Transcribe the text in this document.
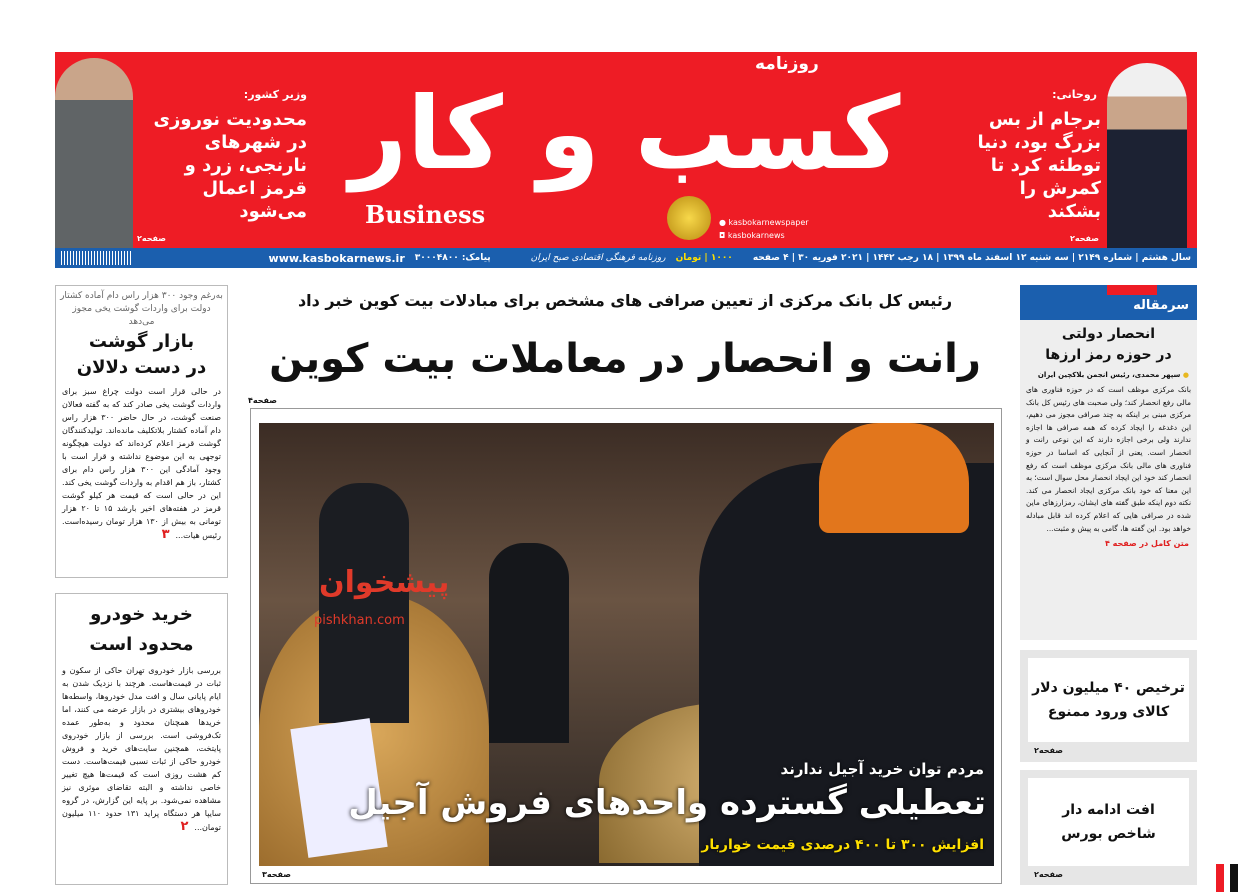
روحانی:
برجام از بس بزرگ بود، دنیا توطئه کرد تا کمرش را بشکند
صفحه۲
وزیر کشور:
محدودیت نوروزی در شهرهای نارنجی، زرد و قرمز اعمال می‌شود
صفحه۲
روزنامه
کسب و کار
Business	● kasbokarnewspaper
◘ kasbokarnews
سال هشتم | شماره ۲۱۴۹ | سه شنبه ۱۲ اسفند ماه ۱۳۹۹ | ۱۸ رجب ۱۴۴۲ | ۲۰۲۱ فوریه ۳۰ | ۴ صفحه
۱۰۰۰ | تومان
روزنامه فرهنگی اقتصادی صبح ایران
پیامک: ۳۰۰۰۴۸۰۰
www.kasbokarnews.ir
رئیس کل بانک مرکزی از تعیین صرافی های مشخص برای مبادلات بیت کوین خبر داد
رانت و انحصار در معاملات بیت کوین
صفحه۴
پیشخوان
pishkhan.com
مردم توان خرید آجیل ندارند
تعطیلی گسترده واحدهای فروش آجیل
افزایش ۳۰۰ تا ۴۰۰ درصدی قیمت خواربار
صفحه۳
به‌رغم وجود ۳۰۰ هزار راس دام آماده کشتار دولت برای واردات گوشت یخی مجوز می‌دهد
بازار گوشت
در دست دلالان
در حالی قرار است دولت چراغ سبز برای واردات گوشت یخی صادر کند که به گفته فعالان صنعت گوشت، در حال حاضر ۳۰۰ هزار راس دام آماده کشتار بلاتکلیف مانده‌اند. تولیدکنندگان گوشت قرمز اعلام کرده‌اند که دولت هیچگونه توجهی به این موضوع نداشته و قرار است با وجود آمادگی این ۳۰۰ هزار راس دام برای کشتار، باز هم اقدام به واردات گوشت یخی کند. این در حالی است که قیمت هر کیلو گوشت قرمز در هفته‌های اخیر بارشد ۱۵ تا ۲۰ هزار تومانی به بیش از ۱۳۰ هزار تومان رسیده‌است. رئیس هیات...۳
خرید خودرو
محدود است
بررسی بازار خودروی تهران حاکی از سکون و ثبات در قیمت‌هاست. هرچند با نزدیک شدن به ایام پایانی سال و افت مدل خودروها، واسطه‌ها خودروهای بیشتری در بازار عرضه می کنند، اما خریدها همچنان محدود و به‌طور عمده تک‌فروشی است. بررسی از بازار خودروی پایتخت، همچنین سایت‌های خرید و فروش خودرو حاکی از ثبات نسبی قیمت‌هاست. دست کم هشت روزی است که قیمت‌ها هیچ تغییر خاصی نداشته و البته تقاضای موثری نیز مشاهده نمی‌شود. بر پایه این گزارش، در گروه سایپا هر دستگاه پراید ۱۳۱ حدود ۱۱۰ میلیون تومان...۲
سرمقاله
انحصار دولتی
در حوزه رمز ارزها
● سپهر محمدی، رئیس انجمن بلاکچین ایران
بانک مرکزی موظف است که در حوزه فناوری های مالی رفع انحصار کند؛ ولی صحبت های رئیس کل بانک مرکزی مبنی بر اینکه به چند صرافی مجوز می دهیم، این دغدغه را ایجاد کرده که همه صرافی ها اجازه ندارند ولی برخی اجازه دارند که این نوعی رانت و انحصار است. یعنی از آنجایی که اساسا در حوزه فناوری های مالی بانک مرکزی موظف است که رفع انحصار کند خود این ایجاد انحصار محل سوال است؛ به این معنا که خود بانک مرکزی ایجاد انحصار می کند. نکته دوم اینکه طبق گفته های ایشان، رمزارزهای ماین شده در صرافی هایی که اعلام کرده اند قابل مبادله خواهد بود. این گفته ها، گامی به پیش و مثبت...
متن کامل در صفحه ۴
ترخیص ۴۰ میلیون دلار
کالای ورود ممنوع
صفحه۲
افت ادامه دار
شاخص بورس
صفحه۲
